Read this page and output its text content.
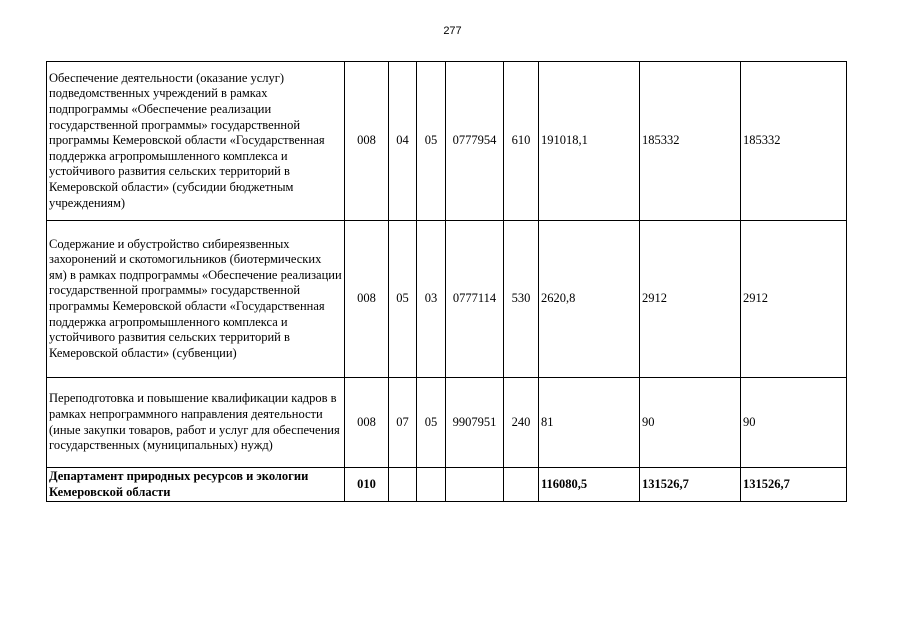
277
Обеспечение деятельности (оказание услуг) подведомственных учреждений в рамках подпрограммы «Обеспечение реализации государственной программы» государственной программы Кемеровской области «Государственная поддержка агропромышленного комплекса и устойчивого развития сельских территорий в Кемеровской области» (субсидии бюджетным учреждениям)	008	04	05	0777954	610	191018,1	185332	185332
Содержание и обустройство сибиреязвенных захоронений и скотомогильников (биотермических ям) в рамках подпрограммы «Обеспечение реализации государственной программы» государственной программы Кемеровской области «Государственная поддержка агропромышленного комплекса и устойчивого развития сельских территорий в Кемеровской области» (субвенции)	008	05	03	0777114	530	2620,8	2912	2912
Переподготовка и повышение квалификации кадров в рамках непрограммного направления деятельности (иные закупки товаров, работ и услуг для обеспечения государственных (муниципальных) нужд)	008	07	05	9907951	240	81	90	90
Департамент природных ресурсов и экологии Кемеровской области	010					116080,5	131526,7	131526,7
